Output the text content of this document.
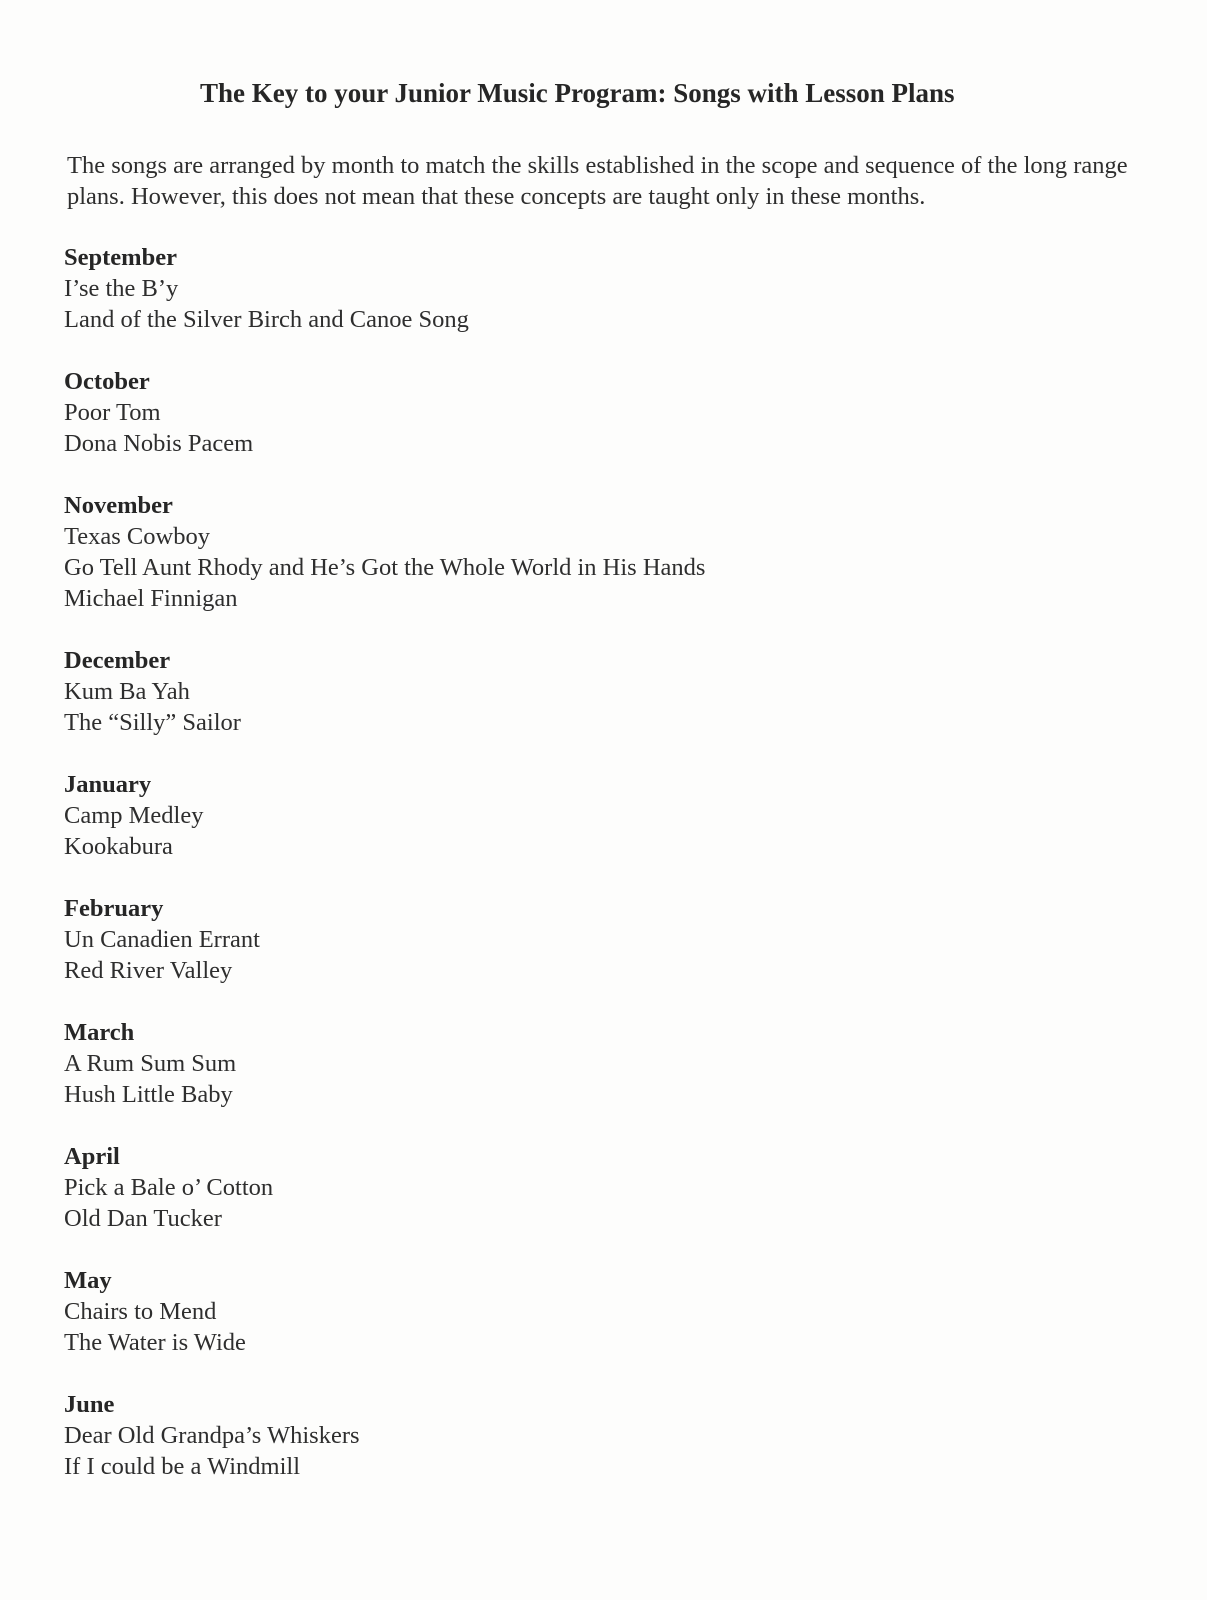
The Key to your Junior Music Program: Songs with Lesson Plans
The songs are arranged by month to match the skills established in the scope and sequence of the long range plans. However, this does not mean that these concepts are taught only in these months.
September
I’se the B’y
Land of the Silver Birch and Canoe Song
October
Poor Tom
Dona Nobis Pacem
November
Texas Cowboy
Go Tell Aunt Rhody and He’s Got the Whole World in His Hands
Michael Finnigan
December
Kum Ba Yah
The “Silly” Sailor
January
Camp Medley
Kookabura
February
Un Canadien Errant
Red River Valley
March
A Rum Sum Sum
Hush Little Baby
April
Pick a Bale o’ Cotton
Old Dan Tucker
May
Chairs to Mend
The Water is Wide
June
Dear Old Grandpa’s Whiskers
If I could be a Windmill
